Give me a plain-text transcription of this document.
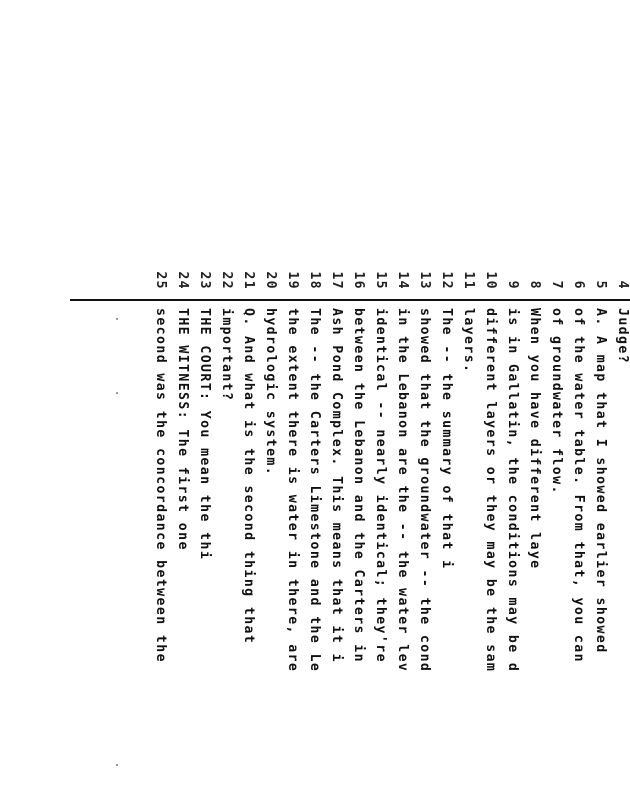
4
Judge?
5
A. A map that I showed earlier showed
6
of the water table. From that, you can
7
of groundwater flow.
8
When you have different laye
9
is in Gallatin, the conditions may be d
10
different layers or they may be the sam
11
layers.
12
The -- the summary of that i
13
showed that the groundwater -- the cond
14
in the Lebanon are the -- the water lev
15
identical -- nearly identical; they're
16
between the Lebanon and the Carters in
17
Ash Pond Complex. This means that it i
18
The -- the Carters Limestone and the Le
19
the extent there is water in there, are
20
hydrologic system.
21
Q. And what is the second thing that
22
important?
23
THE COURT: You mean the thi
24
THE WITNESS: The first one
25
second was the concordance between the
